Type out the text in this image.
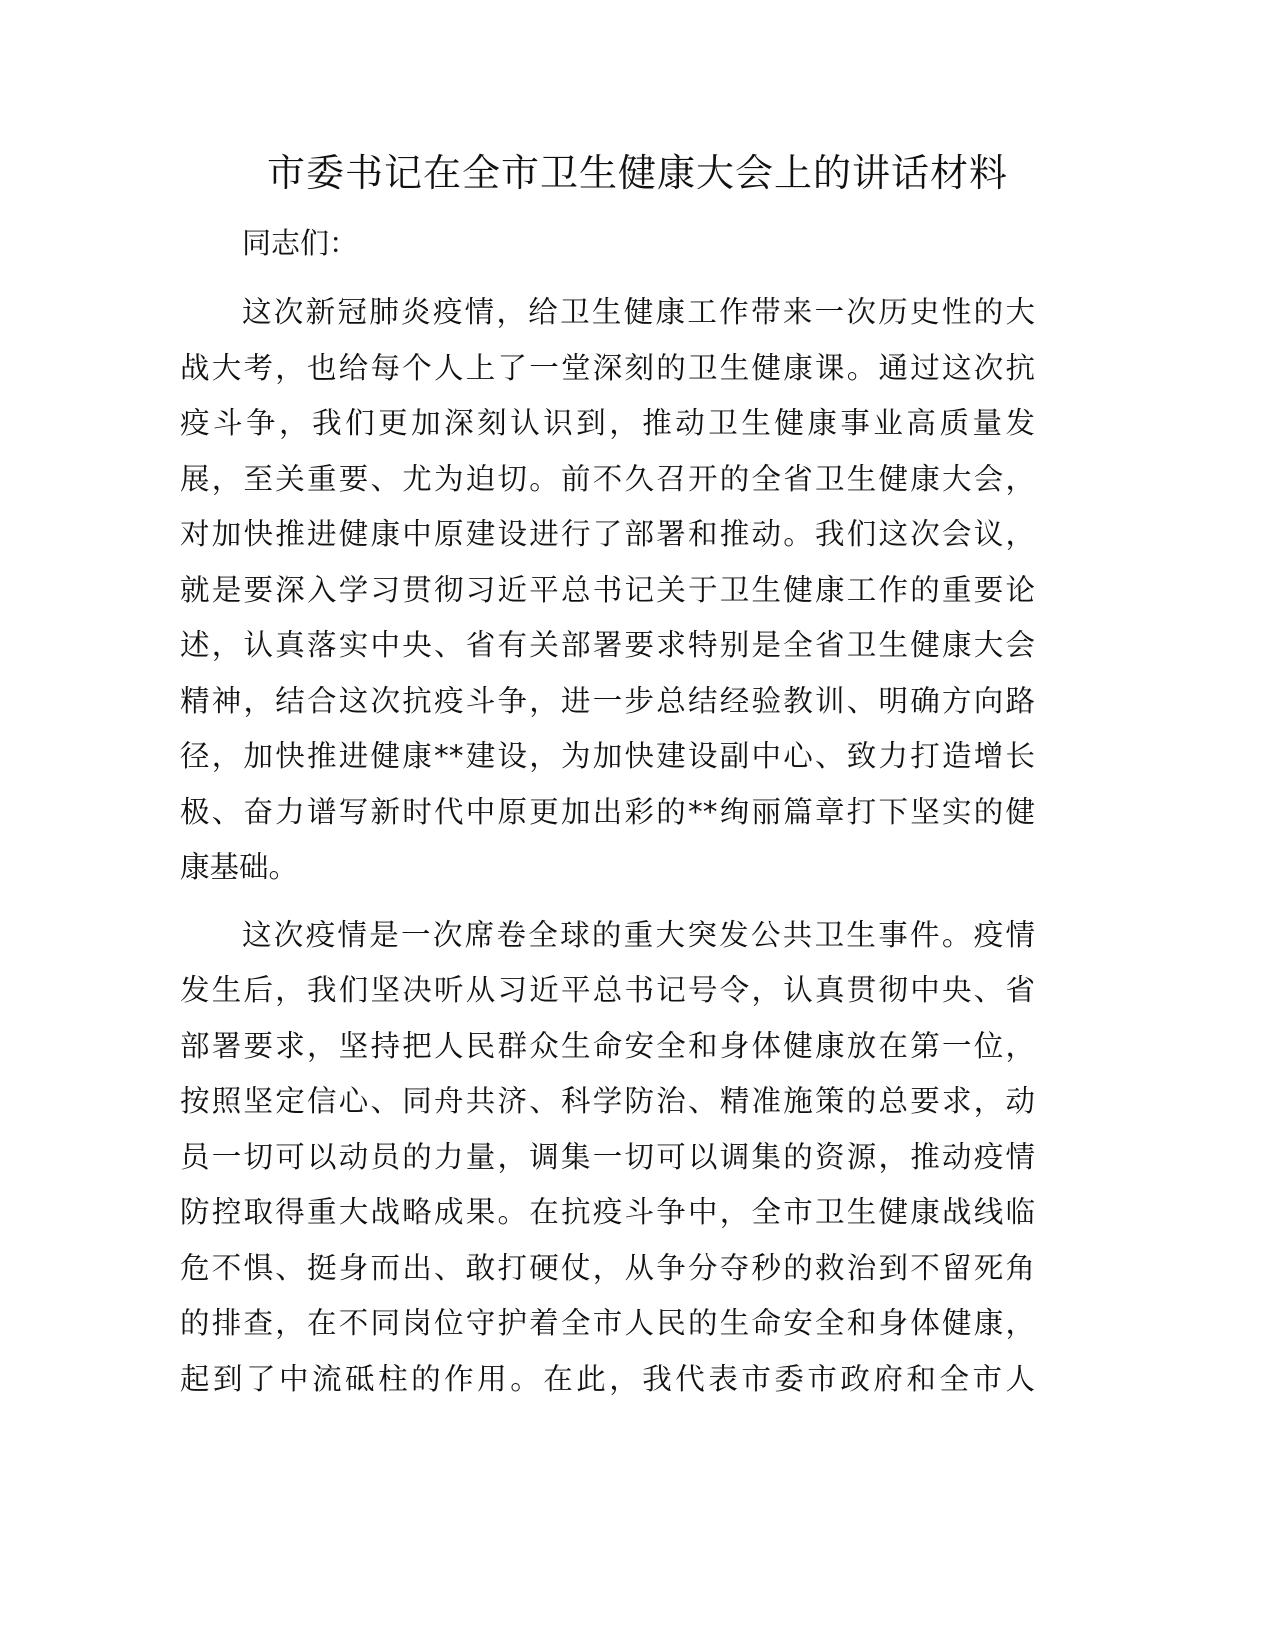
市委书记在全市卫生健康大会上的讲话材料
同志们：
这次新冠肺炎疫情，给卫生健康工作带来一次历史性的大
战大考，也给每个人上了一堂深刻的卫生健康课。通过这次抗
疫斗争，我们更加深刻认识到，推动卫生健康事业高质量发
展，至关重要、尤为迫切。前不久召开的全省卫生健康大会，
对加快推进健康中原建设进行了部署和推动。我们这次会议，
就是要深入学习贯彻习近平总书记关于卫生健康工作的重要论
述，认真落实中央、省有关部署要求特别是全省卫生健康大会
精神，结合这次抗疫斗争，进一步总结经验教训、明确方向路
径，加快推进健康**建设，为加快建设副中心、致力打造增长
极、奋力谱写新时代中原更加出彩的**绚丽篇章打下坚实的健
康基础。
这次疫情是一次席卷全球的重大突发公共卫生事件。疫情
发生后，我们坚决听从习近平总书记号令，认真贯彻中央、省
部署要求，坚持把人民群众生命安全和身体健康放在第一位，
按照坚定信心、同舟共济、科学防治、精准施策的总要求，动
员一切可以动员的力量，调集一切可以调集的资源，推动疫情
防控取得重大战略成果。在抗疫斗争中，全市卫生健康战线临
危不惧、挺身而出、敢打硬仗，从争分夺秒的救治到不留死角
的排查，在不同岗位守护着全市人民的生命安全和身体健康，
起到了中流砥柱的作用。在此，我代表市委市政府和全市人
